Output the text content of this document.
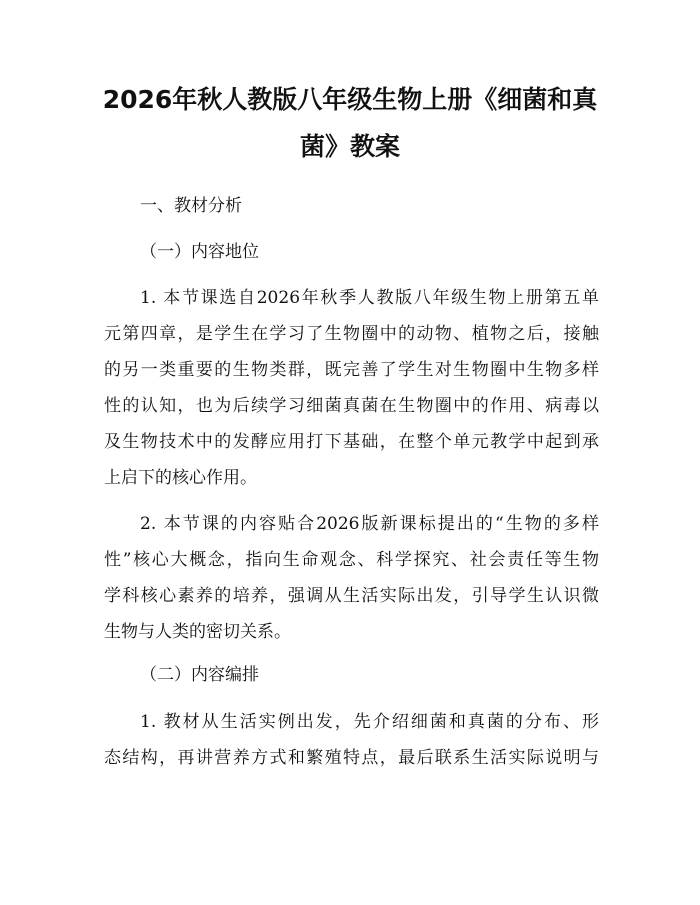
2026年秋人教版八年级生物上册《细菌和真
菌》教案
一、教材分析
（一）内容地位
1. 本节课选自2026年秋季人教版八年级生物上册第五单
元第四章，是学生在学习了生物圈中的动物、植物之后，接触
的另一类重要的生物类群，既完善了学生对生物圈中生物多样
性的认知，也为后续学习细菌真菌在生物圈中的作用、病毒以
及生物技术中的发酵应用打下基础，在整个单元教学中起到承
上启下的核心作用。
2. 本节课的内容贴合2026版新课标提出的“生物的多样
性”核心大概念，指向生命观念、科学探究、社会责任等生物
学科核心素养的培养，强调从生活实际出发，引导学生认识微
生物与人类的密切关系。
（二）内容编排
1. 教材从生活实例出发，先介绍细菌和真菌的分布、形
态结构，再讲营养方式和繁殖特点，最后联系生活实际说明与
